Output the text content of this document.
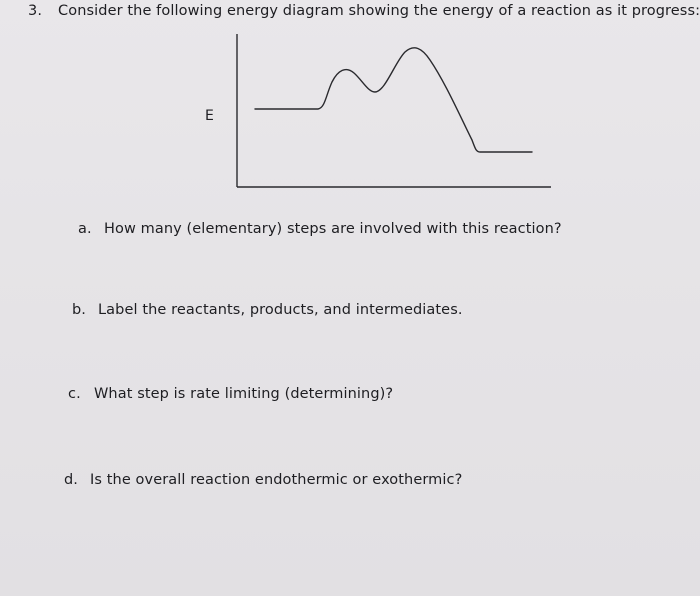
3. Consider the following energy diagram showing the energy of a reaction as it progress:
E
a. How many (elementary) steps are involved with this reaction?
b. Label the reactants, products, and intermediates.
c. What step is rate limiting (determining)?
d. Is the overall reaction endothermic or exothermic?
